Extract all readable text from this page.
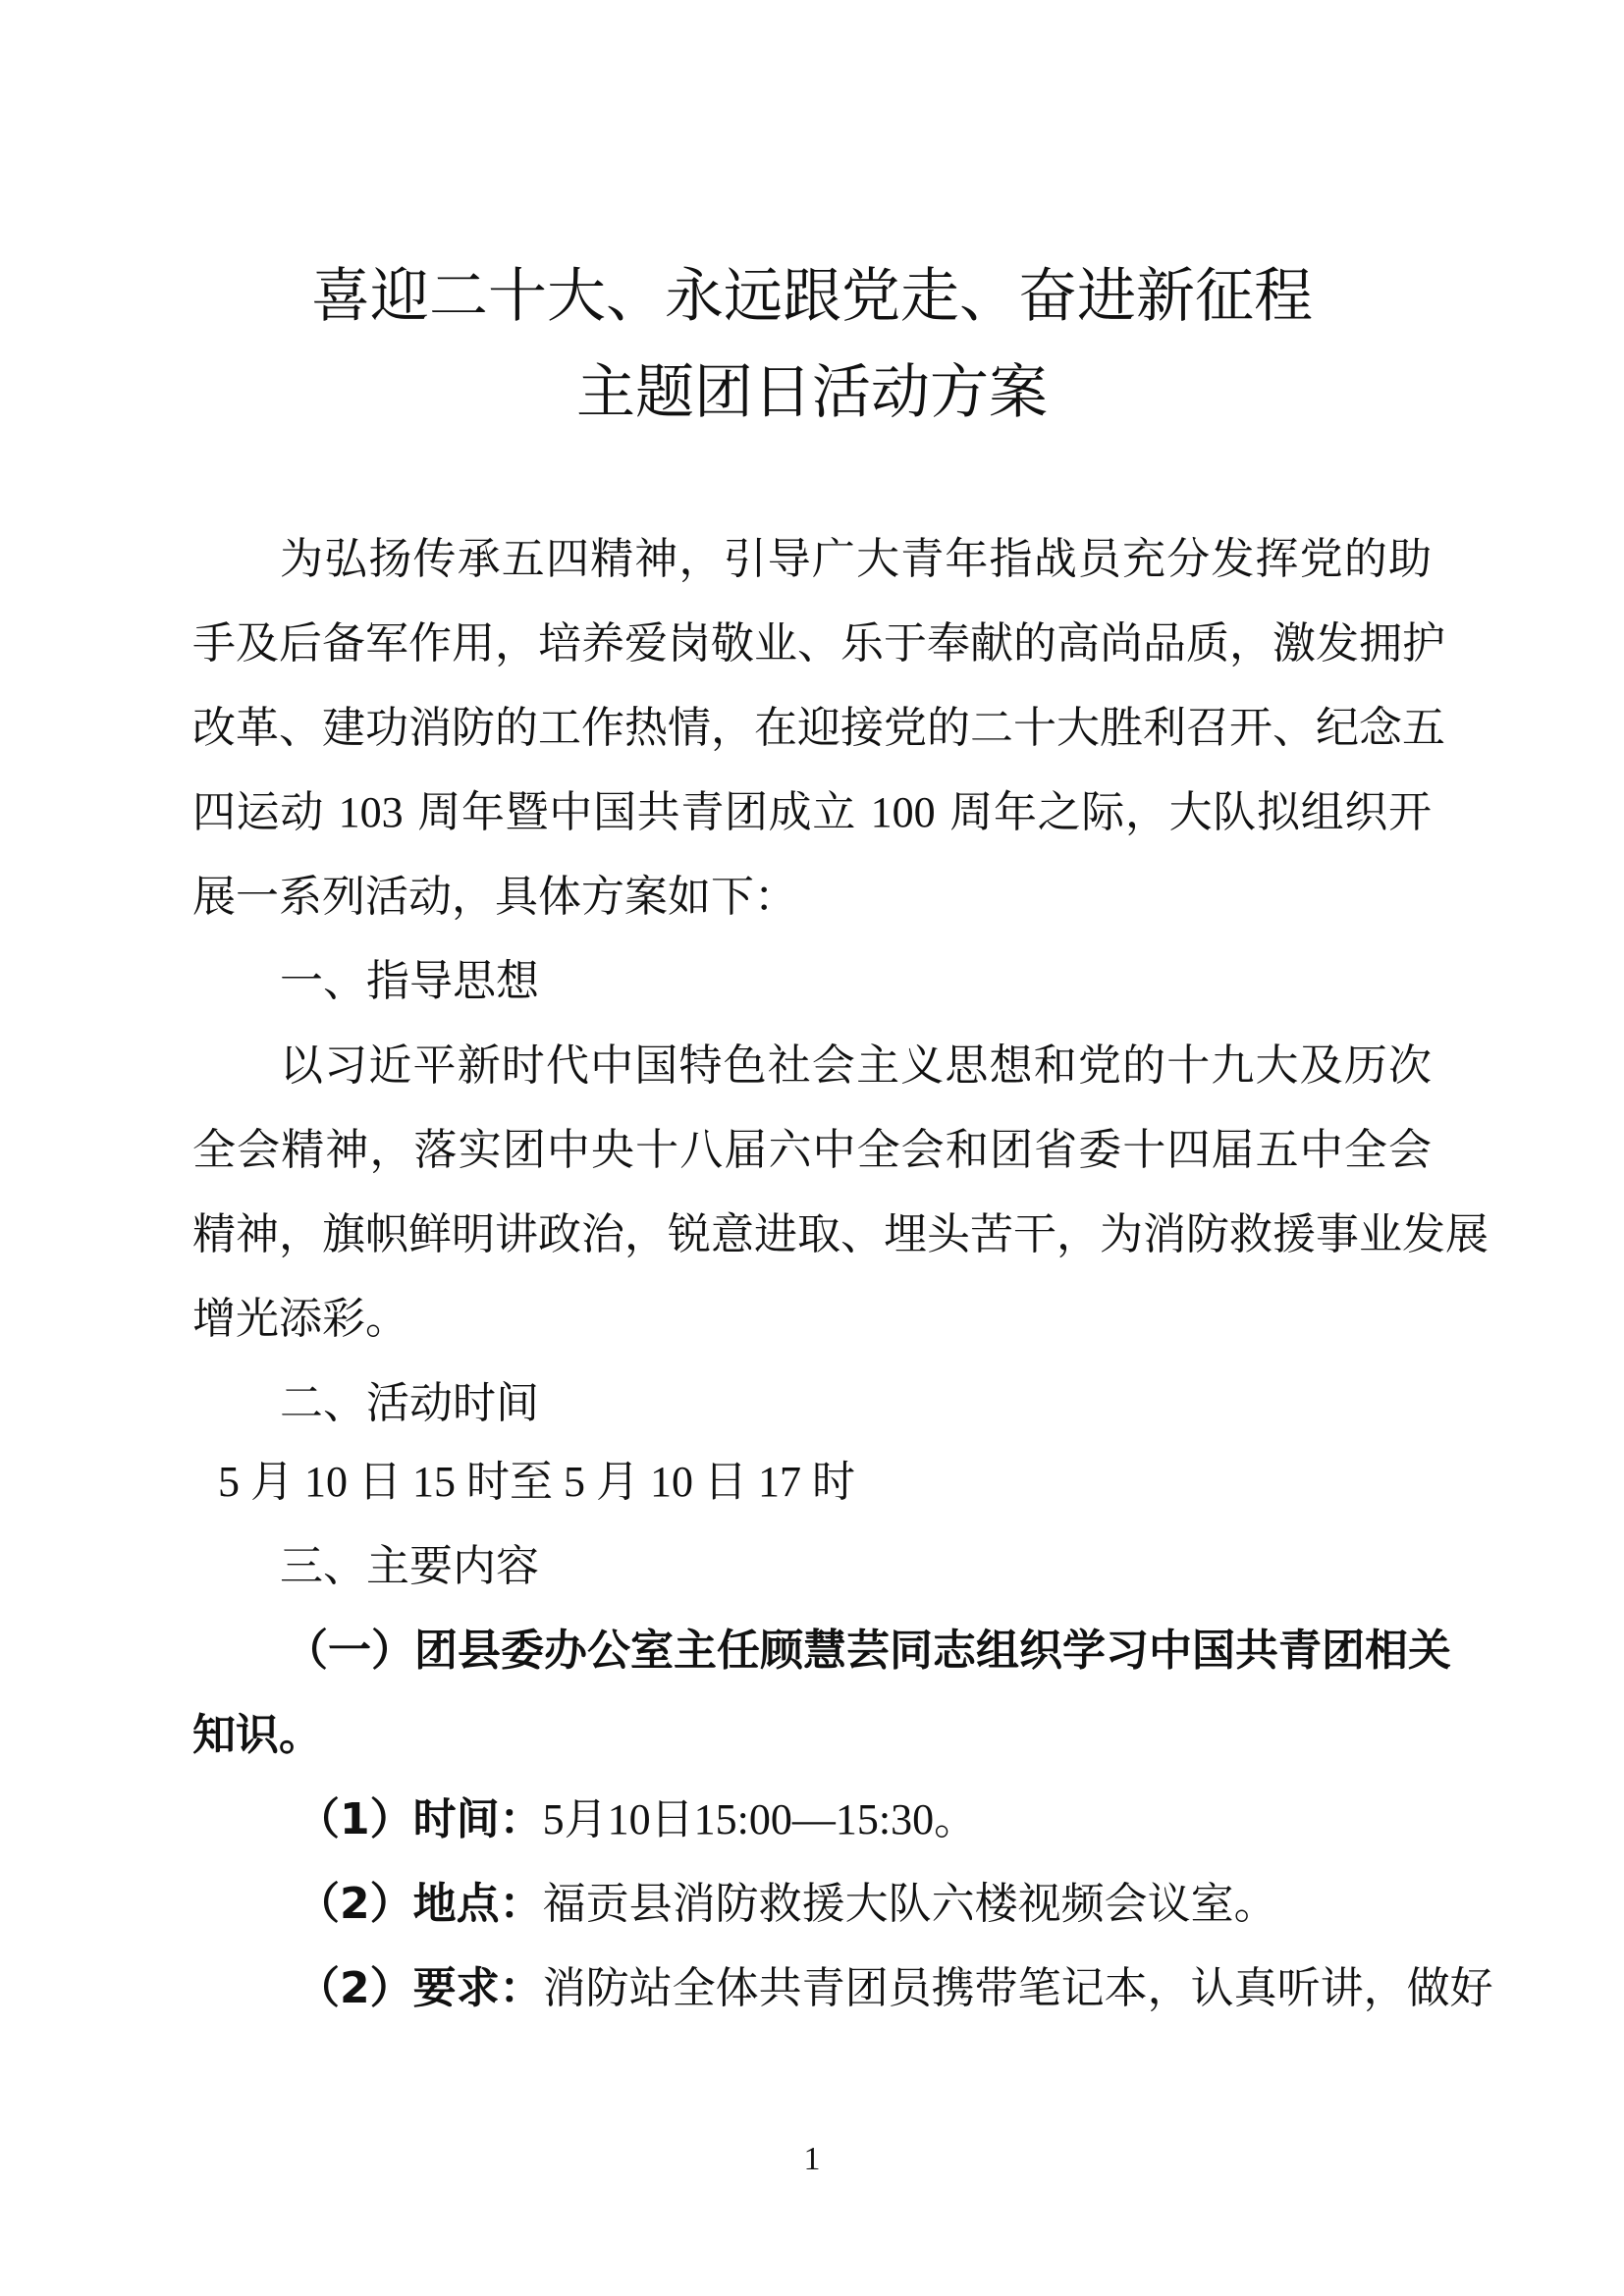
喜迎二十大、永远跟党走、奋进新征程
主题团日活动方案
为弘扬传承五四精神，引导广大青年指战员充分发挥党的助
手及后备军作用，培养爱岗敬业、乐于奉献的高尚品质，激发拥护
改革、建功消防的工作热情，在迎接党的二十大胜利召开、纪念五
四运动 103 周年暨中国共青团成立 100 周年之际，大队拟组织开
展一系列活动，具体方案如下：
一、指导思想
以习近平新时代中国特色社会主义思想和党的十九大及历次
全会精神，落实团中央十八届六中全会和团省委十四届五中全会
精神，旗帜鲜明讲政治，锐意进取、埋头苦干，为消防救援事业发展
增光添彩。
二、活动时间
5 月 10 日 15 时至 5 月 10 日 17 时
三、主要内容
（一）团县委办公室主任顾慧芸同志组织学习中国共青团相关
知识。
（1）时间：5月10日15:00—15:30。
（2）地点：福贡县消防救援大队六楼视频会议室。
（2）要求：消防站全体共青团员携带笔记本，认真听讲，做好
1
